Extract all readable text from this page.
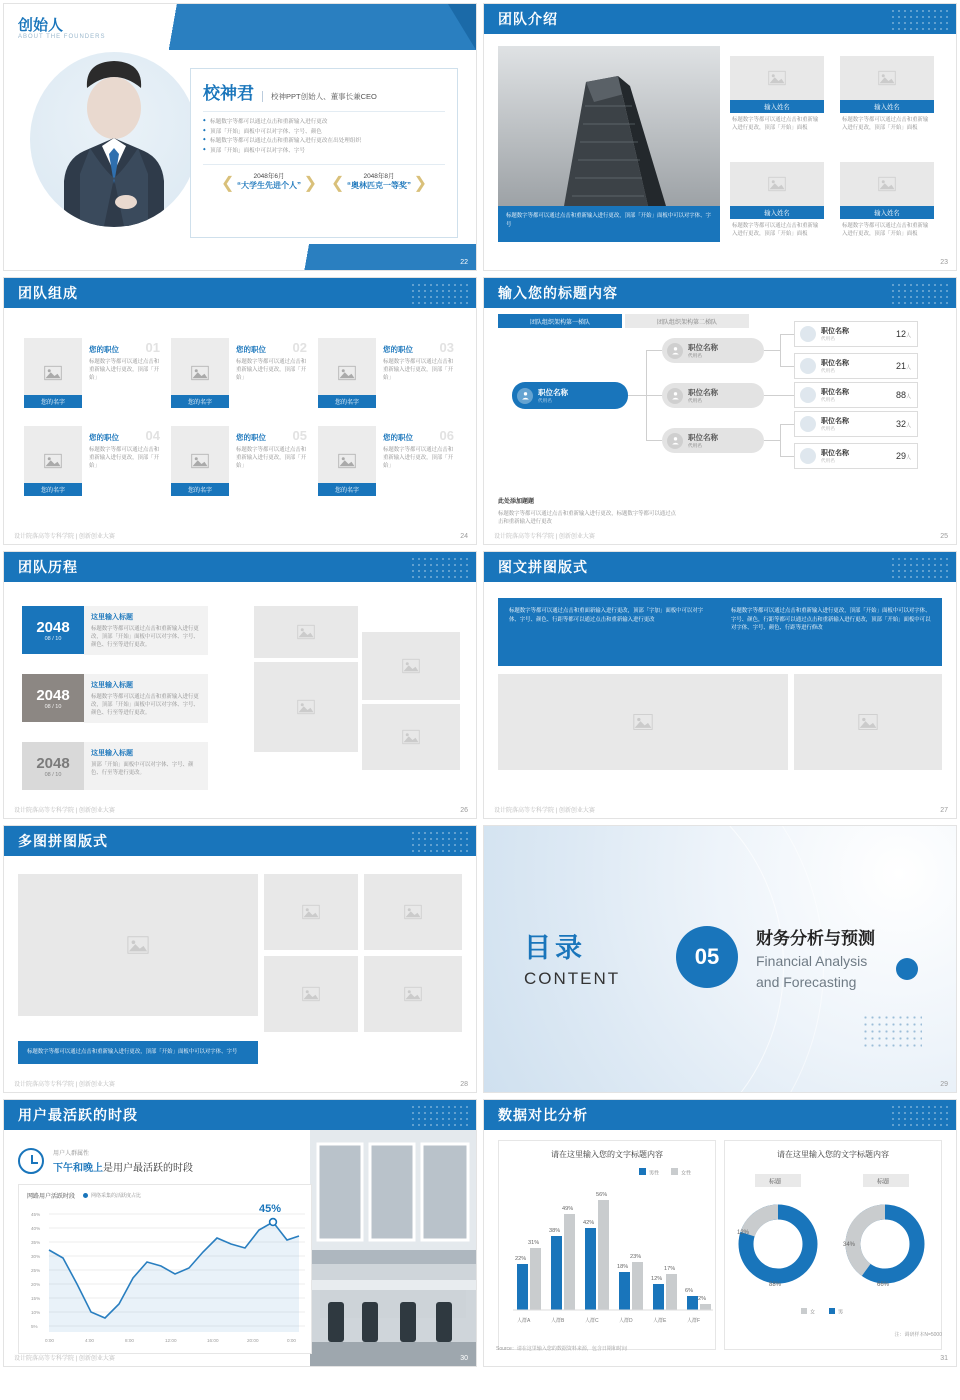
创始人
ABOUT THE FOUNDERS
校神君	校神PPT创始人、董事长兼CEO
◆ 标题数字等都可以通过点击和重新输入进行更改
◆ 顶部「开始」面板中可以对字体、字号、颜色
◆ 标题数字等都可以通过点击和重新输入进行更改在出处理组织
◆ 顶部「开始」面板中可以对字体、字号
❮	❯
2048年6月
“大学生先进个人” ❮	❯
2048年8月
“奥林匹克一等奖”
22
团队介绍
标题数字等都可以通过点击和重新输入进行更改，顶部「开始」面板中可以对字体、字号
输入姓名
标题数字等都可以通过点击和重新输入进行更改，顶部「开始」面板
输入姓名
标题数字等都可以通过点击和重新输入进行更改，顶部「开始」面板
输入姓名
标题数字等都可以通过点击和重新输入进行更改，顶部「开始」面板
输入姓名
标题数字等都可以通过点击和重新输入进行更改，顶部「开始」面板
23
团队组成
您的名字
01
您的职位
标题数字等都可以通过点击和重新输入进行更改，顶部「开始」
您的名字
02
您的职位
标题数字等都可以通过点击和重新输入进行更改，顶部「开始」
您的名字
03
您的职位
标题数字等都可以通过点击和重新输入进行更改，顶部「开始」
您的名字
04
您的职位
标题数字等都可以通过点击和重新输入进行更改，顶部「开始」
您的名字
05
您的职位
标题数字等都可以通过点击和重新输入进行更改，顶部「开始」
您的名字
06
您的职位
标题数字等都可以通过点击和重新输入进行更改，顶部「开始」
设计院落高等专科学院 | 创新创业大赛	24
输入您的标题内容
团队组织架构第一梯队	团队组织架构第二梯队
职位名称
代用名
职位名称
代用名
职位名称
代用名
职位名称
代用名
职位名称
代用名	12人
职位名称
代用名	21人
职位名称
代用名	88人
职位名称
代用名	32人
职位名称
代用名	29人
此处添加题题
标题数字等都可以通过点击和重新输入进行更改，标题数字等都可以通过点击和重新输入进行更改
设计院落高等专科学院 | 创新创业大赛	25
团队历程
2048
08 / 10
这里输入标题
标题数字等都可以通过点击和重新输入进行更改，顶部「开始」面板中可以对字体、字号、颜色、行至等进行更改。
2048
08 / 10
这里输入标题
标题数字等都可以通过点击和重新输入进行更改，顶部「开始」面板中可以对字体、字号、颜色、行至等进行更改。
2048
08 / 10
这里输入标题
顶部「开始」面板中可以对字体、字号、颜色、行至等进行更改。
设计院落高等专科学院 | 创新创业大赛	26
图文拼图版式
标题数字等都可以通过点击和重面新输入进行更改，顶部「字加」面板中可以对字体、字号、颜色、行距等都可以通过点击和重新输入进行更改
标题数字等都可以通过点击和重新输入进行更改，顶部「开始」面板中可以对字体、字号、颜色，行距等都可以通过点击和重新输入进行更改，顶部「开始」面板中可以对字体、字号、颜色、行距等进行修改
设计院落高等专科学院 | 创新创业大赛	27
多图拼图版式
标题数字等都可以通过点击和重新输入进行更改，顶部「开始」面板中可以对字体、字号
设计院落高等专科学院 | 创新创业大赛	28
目录
CONTENT
05
财务分析与预测
Financial Analysis
and Forecasting
29
用户最活跃的时段
用户人群属性
下午和晚上是用户最活跃的时段
网路用户活跃时段	网络采集的活跃度占比
45%
40%
35%
30%
25%
20%
15%
10%
5%
45%
0:00	4:00	8:00	12:00	16:00	20:00	0:00
设计院落高等专科学院 | 创新创业大赛	30
数据对比分析
请在这里输入您的文字标题内容
男性	女性
22%
31%
人群A
38%
49%
人群B
42%
56%
人群C
18%
23%
人群D
12%
17%
人群E
6%
2%
人群F
请在这里输入您的文字标题内容
标题	标题
12%
88%
34%
66%
女	男
Source：请在这里输入您的数据资料来源，包含日期和时间
注：调研样本N=5000
31
